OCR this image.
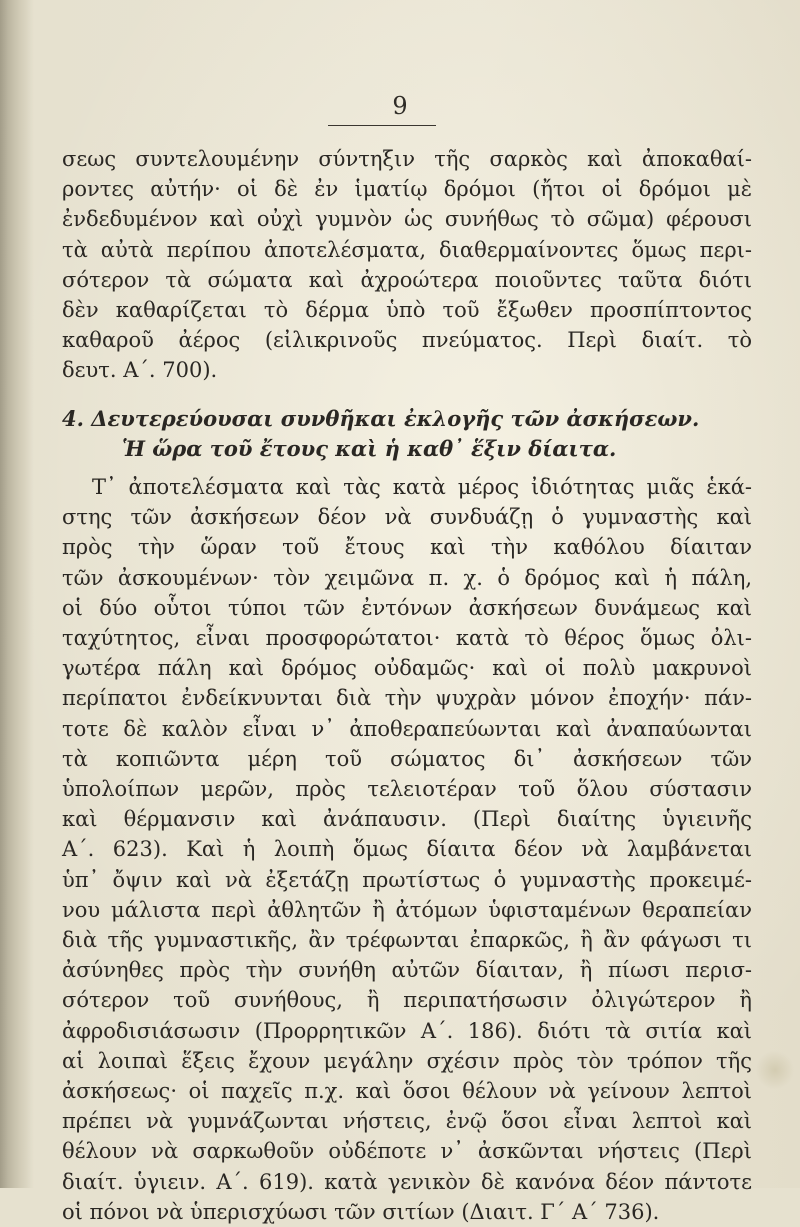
9
σεως συντελουμένην σύντηξιν τῆς σαρκὸς καὶ ἀποκαθαί-
ροντες αὐτήν· οἱ δὲ ἐν ἱματίῳ δρόμοι (ἤτοι οἱ δρόμοι μὲ
ἐνδεδυμένον καὶ οὐχὶ γυμνὸν ὡς συνήθως τὸ σῶμα) φέρουσι
τὰ αὐτὰ περίπου ἀποτελέσματα, διαθερμαίνοντες ὅμως περι-
σότερον τὰ σώματα καὶ ἀχροώτερα ποιοῦντες ταῦτα διότι
δὲν καθαρίζεται τὸ δέρμα ὑπὸ τοῦ ἔξωθεν προσπίπτοντος
καθαροῦ ἀέρος (εἰλικρινοῦς πνεύματος. Περὶ διαίτ. τὸ
δευτ. Α΄. 700).
4. Δευτερεύουσαι συνθῆκαι ἐκλογῆς τῶν ἀσκήσεων.
Ἡ ὥρα τοῦ ἔτους καὶ ἡ καθ᾽ ἕξιν δίαιτα.
Τ᾽ ἀποτελέσματα καὶ τὰς κατὰ μέρος ἰδιότητας μιᾶς ἑκά-
στης τῶν ἀσκήσεων δέον νὰ συνδυάζῃ ὁ γυμναστὴς καὶ
πρὸς τὴν ὥραν τοῦ ἔτους καὶ τὴν καθόλου δίαιταν
τῶν ἀσκουμένων· τὸν χειμῶνα π. χ. ὁ δρόμος καὶ ἡ πάλη,
οἱ δύο οὗτοι τύποι τῶν ἐντόνων ἀσκήσεων δυνάμεως καὶ
ταχύτητος, εἶναι προσφορώτατοι· κατὰ τὸ θέρος ὅμως ὀλι-
γωτέρα πάλη καὶ δρόμος οὐδαμῶς· καὶ οἱ πολὺ μακρυνοὶ
περίπατοι ἐνδείκνυνται διὰ τὴν ψυχρὰν μόνον ἐποχήν· πάν-
τοτε δὲ καλὸν εἶναι ν᾽ ἀποθεραπεύωνται καὶ ἀναπαύωνται
τὰ κοπιῶντα μέρη τοῦ σώματος δι᾽ ἀσκήσεων τῶν
ὑπολοίπων μερῶν, πρὸς τελειοτέραν τοῦ ὅλου σύστασιν
καὶ θέρμανσιν καὶ ἀνάπαυσιν. (Περὶ διαίτης ὑγιεινῆς
Α΄. 623). Καὶ ἡ λοιπὴ ὅμως δίαιτα δέον νὰ λαμβάνεται
ὑπ᾽ ὄψιν καὶ νὰ ἐξετάζῃ πρωτίστως ὁ γυμναστὴς προκειμέ-
νου μάλιστα περὶ ἀθλητῶν ἢ ἀτόμων ὑφισταμένων θεραπείαν
διὰ τῆς γυμναστικῆς, ἂν τρέφωνται ἐπαρκῶς, ἢ ἂν φάγωσι τι
ἀσύνηθες πρὸς τὴν συνήθη αὐτῶν δίαιταν, ἢ πίωσι περισ-
σότερον τοῦ συνήθους, ἢ περιπατήσωσιν ὀλιγώτερον ἢ
ἀφροδισιάσωσιν (Προρρητικῶν Α΄. 186). διότι τὰ σιτία καὶ
αἱ λοιπαὶ ἕξεις ἔχουν μεγάλην σχέσιν πρὸς τὸν τρόπον τῆς
ἀσκήσεως· οἱ παχεῖς π.χ. καὶ ὅσοι θέλουν νὰ γείνουν λεπτοὶ
πρέπει νὰ γυμνάζωνται νήστεις, ἐνῷ ὅσοι εἶναι λεπτοὶ καὶ
θέλουν νὰ σαρκωθοῦν οὐδέποτε ν᾽ ἀσκῶνται νήστεις (Περὶ
διαίτ. ὑγιειν. Α΄. 619). κατὰ γενικὸν δὲ κανόνα δέον πάντοτε
οἱ πόνοι νὰ ὑπερισχύωσι τῶν σιτίων (Διαιτ. Γ΄ Α΄ 736).
